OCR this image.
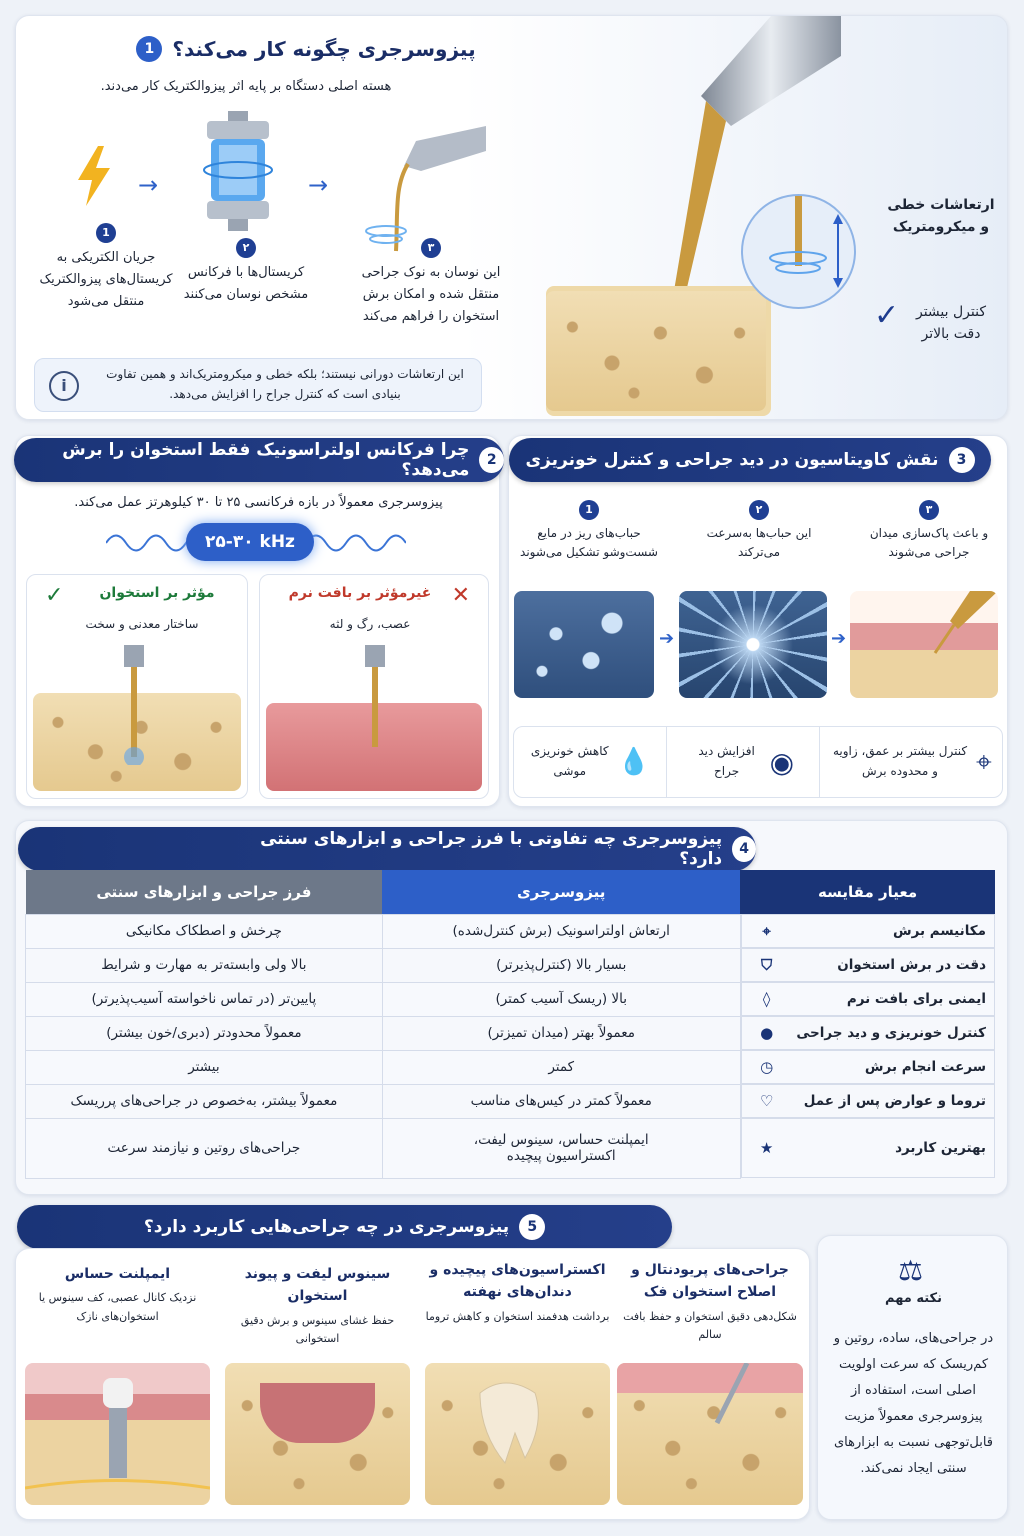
1 پیزوسرجری چگونه کار می‌کند؟
هسته اصلی دستگاه بر پایه اثر پیزوالکتریک کار می‌دند.
→	→
1
جریان الکتریکی به کریستال‌های پیزوالکتریک منتقل می‌شود
۲
کریستال‌ها با فرکانس مشخص نوسان می‌کنند
۳
این نوسان به نوک جراحی منتقل شده و امکان برش استخوان را فراهم می‌کند
i
این ارتعاشات دورانی نیستند؛ بلکه خطی و میکرومتریک‌اند و همین تفاوت بنیادی است که کنترل جراح را افزایش می‌دهد.
ارتعاشات خطی و میکرومتریک
✓	کنترل بیشتر دقت بالاتر
2
چرا فرکانس اولتراسونیک فقط استخوان را برش می‌دهد؟
پیزوسرجری معمولاً در بازه فرکانسی ۲۵ تا ۳۰ کیلوهرتز عمل می‌کند.
۲۵-۳۰ kHz
✓	مؤثر بر استخوان
ساختار معدنی و سخت
✕
غیرمؤثر بر بافت نرم
عصب، رگ و لثه
3
نقش کاویتاسیون در دید جراحی و کنترل خونریزی
1
حباب‌های ریز در مایع شست‌وشو تشکیل می‌شوند
۲
این حباب‌ها به‌سرعت می‌ترکند
۳
و باعث پاک‌سازی میدان جراحی می‌شوند
➔	➔
💧
کاهش خونریزی موشی	◉
افزایش دید جراح	⌖
کنترل بیشتر بر عمق، زاویه و محدوده برش
4
پیزوسرجری چه تفاوتی با فرز جراحی و ابزارهای سنتی دارد؟
معیار مقایسه	پیزوسرجری	فرز جراحی و ابزارهای سنتی

مکانیسم برش
⌖
ارتعاش اولتراسونیک (برش کنترل‌شده)	چرخش و اصطکاک مکانیکی

دقت در برش استخوان
⛉
بسیار بالا (کنترل‌پذیرتر)	بالا ولی وابسته‌تر به مهارت و شرایط

ایمنی برای بافت نرم
◊
بالا (ریسک آسیب کمتر)	پایین‌تر (در تماس ناخواسته آسیب‌پذیرتر)

کنترل خونریزی و دید جراحی
●
معمولاً بهتر (میدان تمیزتر)	معمولاً محدودتر (دبری/خون بیشتر)

سرعت انجام برش
◷
کمتر	بیشتر

تروما و عوارض پس از عمل
♡
معمولاً کمتر در کیس‌های مناسب	معمولاً بیشتر، به‌خصوص در جراحی‌های پرریسک

بهترین کاربرد
★
ایمپلنت حساس، سینوس لیفت، اکستراسیون پیچیده	جراحی‌های روتین و نیازمند سرعت
5
پیزوسرجری در چه جراحی‌هایی کاربرد دارد؟
ایمپلنت حساس
نزدیک کانال عصبی، کف سینوس یا استخوان‌های نازک
سینوس لیفت و پیوند استخوان
حفظ غشای سینوس و برش دقیق استخوانی
اکستراسیون‌های پیچیده و دندان‌های نهفته
برداشت هدفمند استخوان و کاهش تروما
جراحی‌های پریودنتال و اصلاح استخوان فک
شکل‌دهی دقیق استخوان و حفظ بافت سالم
⚖
نکته مهم
در جراحی‌های، ساده، روتین و کم‌ریسک که سرعت اولویت اصلی است، استفاده از پیزوسرجری معمولاً مزیت قابل‌توجهی نسبت به ابزارهای سنتی ایجاد نمی‌کند.
